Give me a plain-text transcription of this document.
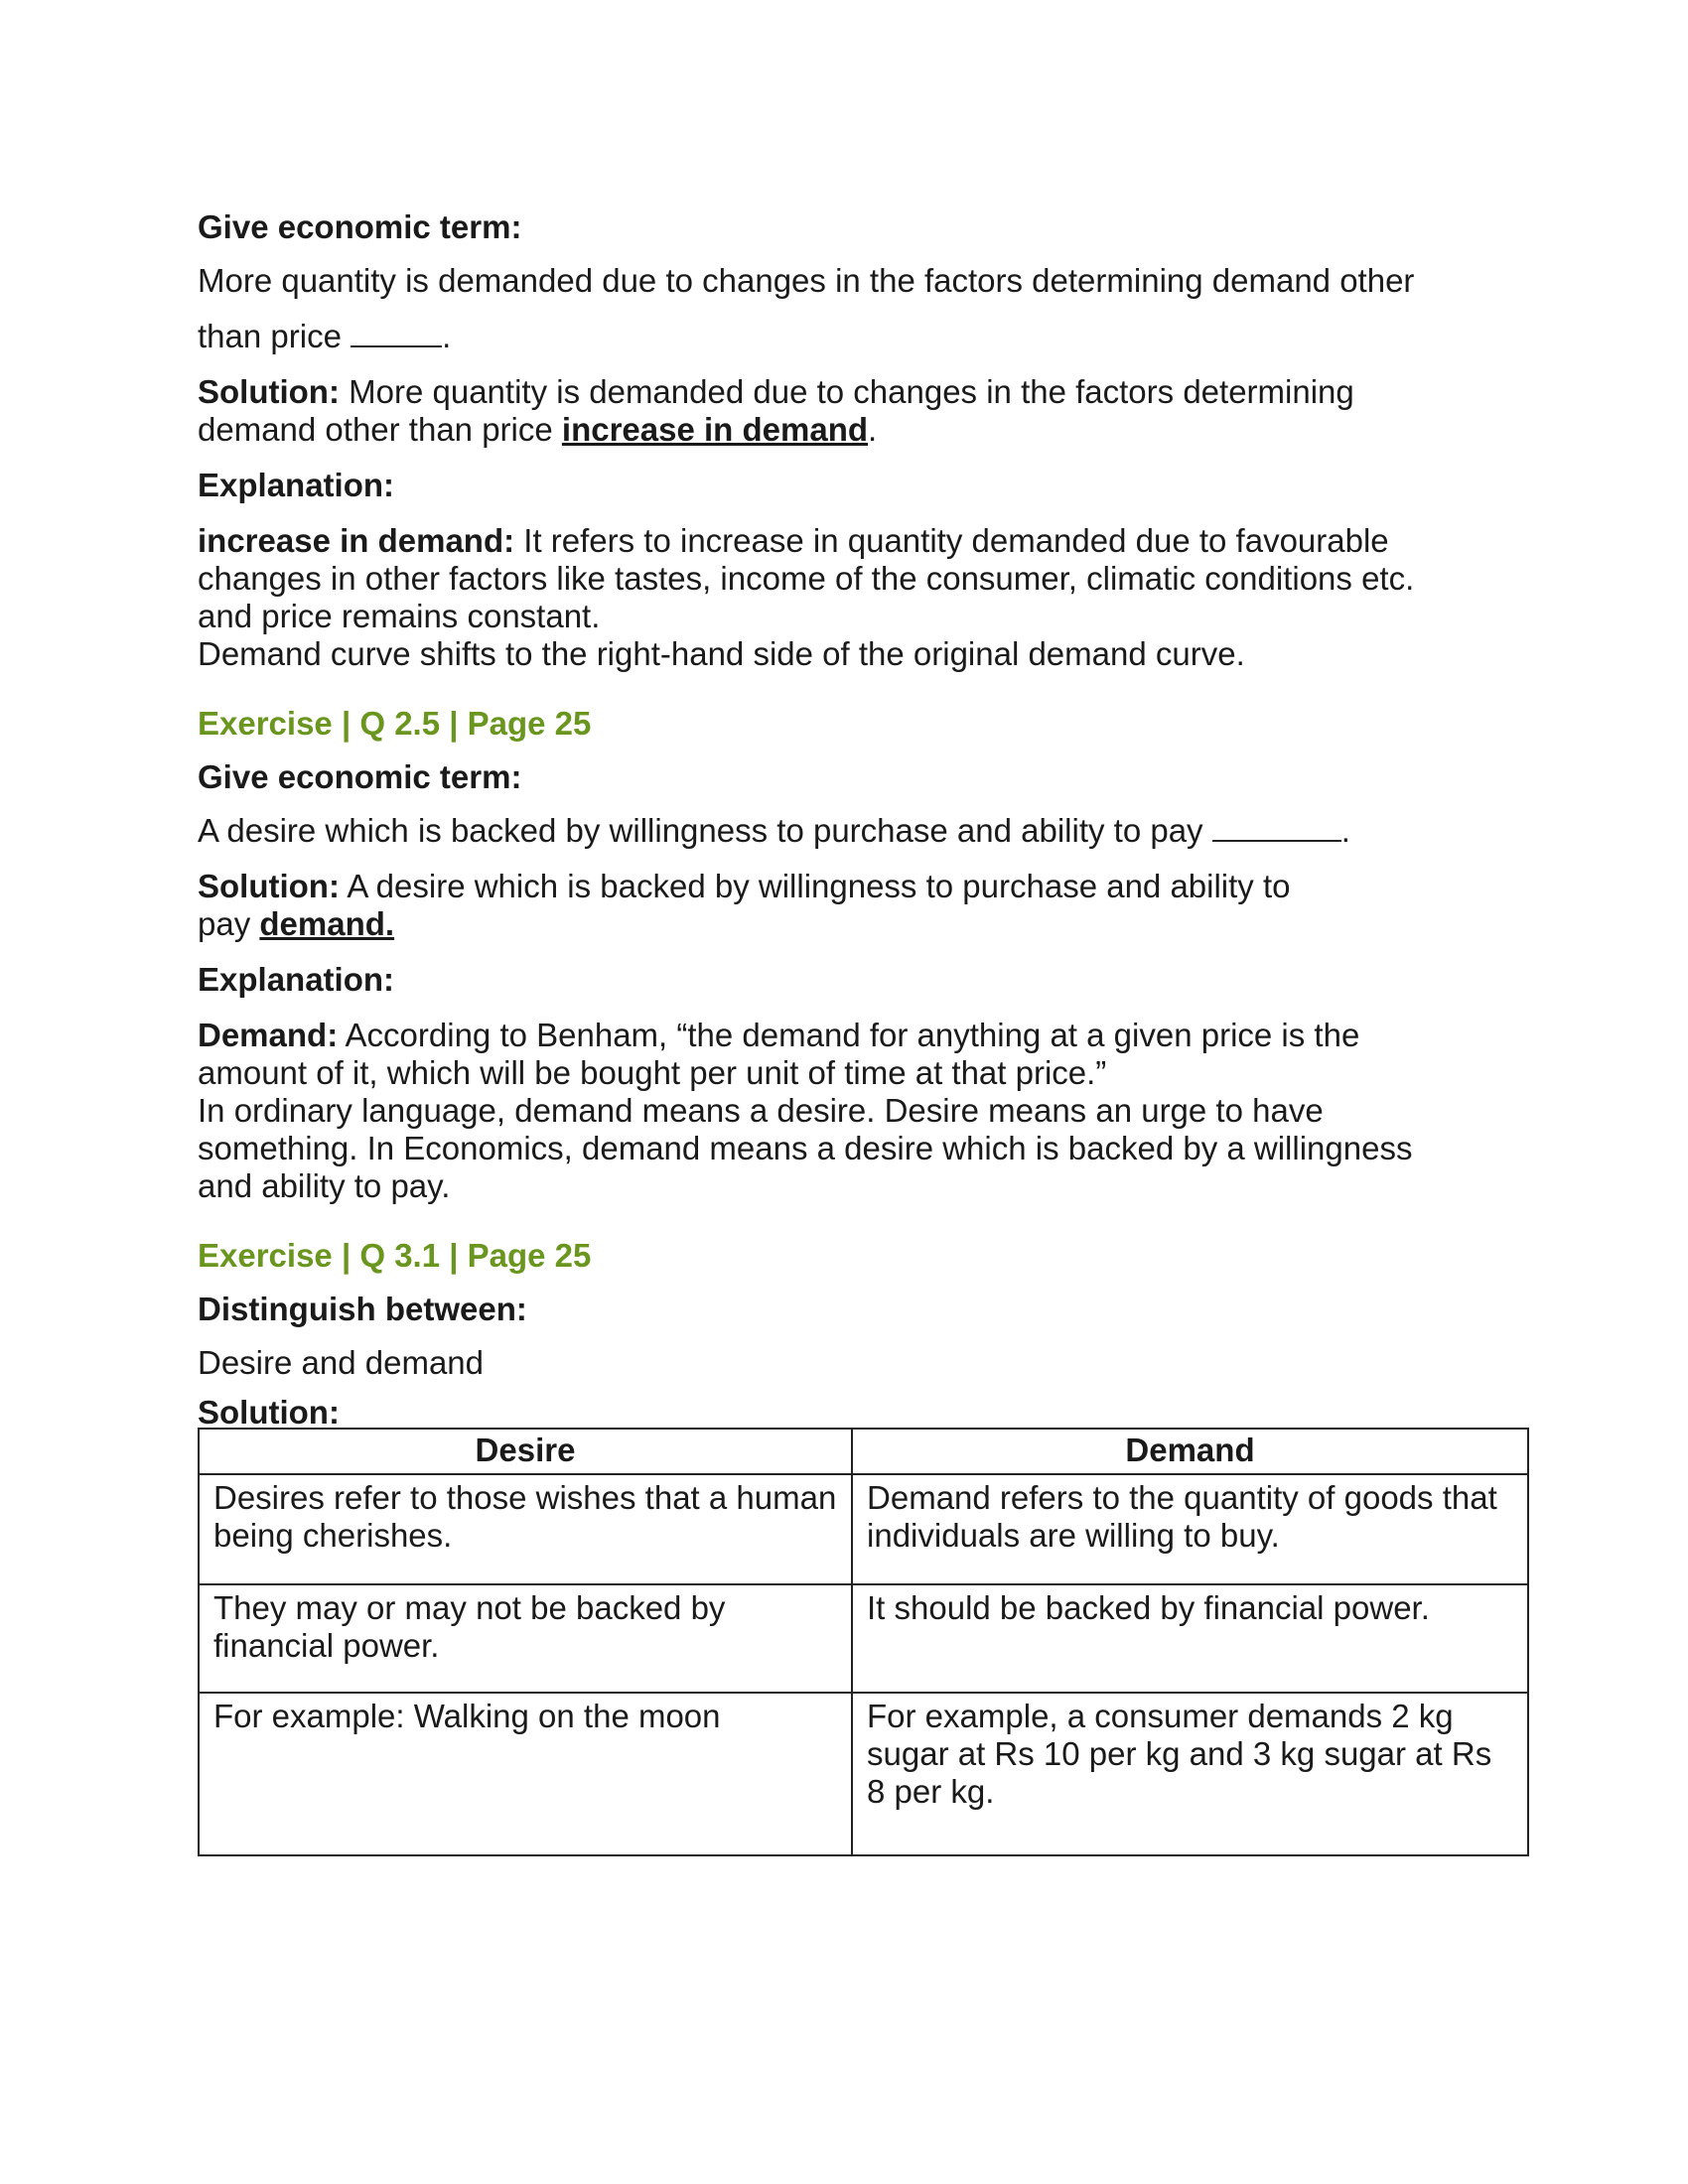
Give economic term:

More quantity is demanded due to changes in the factors determining demand other

than price	.

Solution: More quantity is demanded due to changes in the factors determining demand other than price increase in demand.

Explanation:

increase in demand: It refers to increase in quantity demanded due to favourable changes in other factors like tastes, income of the consumer, climatic conditions etc. and price remains constant.

Demand curve shifts to the right-hand side of the original demand curve.

Exercise | Q 2.5 | Page 25

Give economic term:

A desire which is backed by willingness to purchase and ability to pay	.

Solution: A desire which is backed by willingness to purchase and ability to pay demand.

Explanation:

Demand: According to Benham, “the demand for anything at a given price is the amount of it, which will be bought per unit of time at that price.”

In ordinary language, demand means a desire. Desire means an urge to have something. In Economics, demand means a desire which is backed by a willingness and ability to pay.

Exercise | Q 3.1 | Page 25

Distinguish between:

Desire and demand

Solution:

Desire	Demand
Desires refer to those wishes that a human being cherishes.	Demand refers to the quantity of goods that individuals are willing to buy.
They may or may not be backed by financial power.	It should be backed by financial power.
For example: Walking on the moon	For example, a consumer demands 2 kg sugar at Rs 10 per kg and 3 kg sugar at Rs 8 per kg.
